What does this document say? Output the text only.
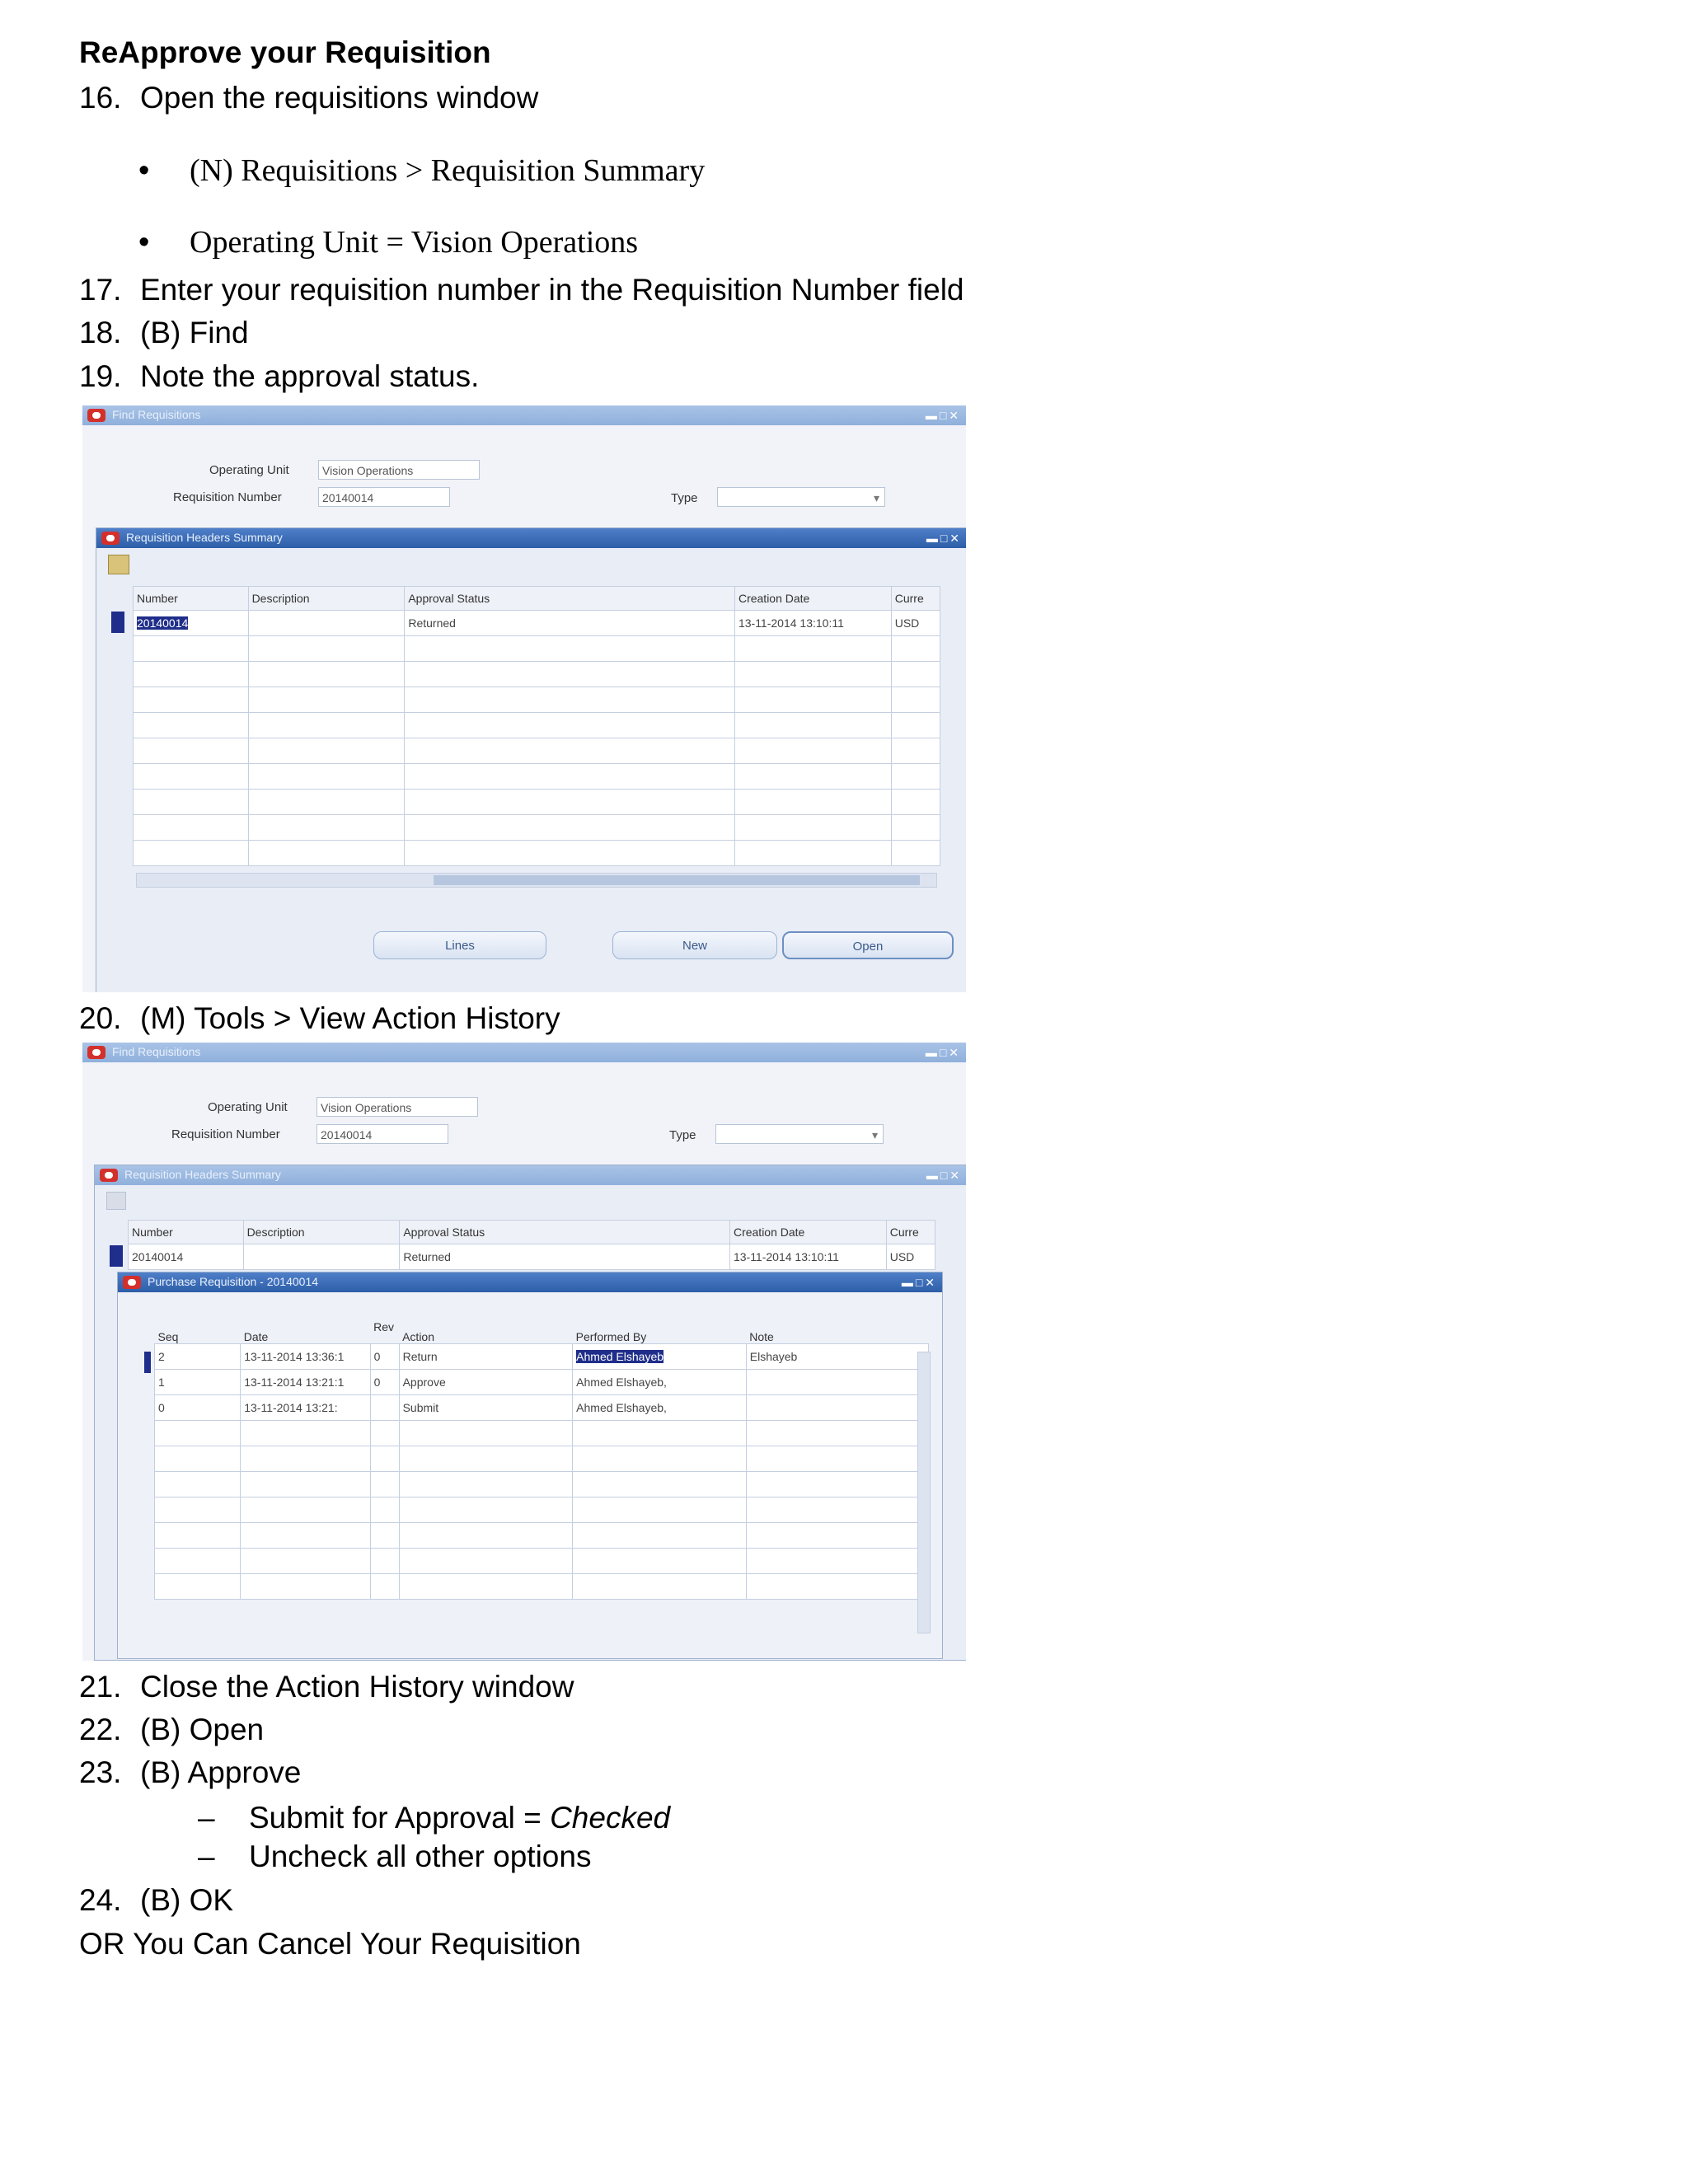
ReApprove your Requisition
16. Open the requisitions window
• (N) Requisitions > Requisition Summary
• Operating Unit = Vision Operations
17. Enter your requisition number in the Requisition Number field
18. (B) Find
19. Note the approval status.
Find Requisitions	▬□✕
Operating Unit	Vision Operations
Requisition Number	20140014	Type	▾
Requisition Headers Summary	▬□✕
Number	Description	Approval Status	Creation Date	Curre
20140014		Returned	13-11-2014 13:10:11	USD

Lines	New	Open
20. (M) Tools > View Action History
Find Requisitions	▬□✕
Operating Unit	Vision Operations
Requisition Number	20140014	Type	▾
Requisition Headers Summary	▬□✕
Number	Description	Approval Status	Creation Date	Curre
20140014		Returned	13-11-2014 13:10:11	USD
Purchase Requisition - 20140014	▬□✕
Seq	Date	Rev	Action	Performed By	Note
2	13-11-2014 13:36:1	0	Return	Ahmed Elshayeb	Elshayeb
1	13-11-2014 13:21:1	0	Approve	Ahmed Elshayeb,	
0	13-11-2014 13:21:		Submit	Ahmed Elshayeb,	

21. Close the Action History window
22. (B) Open
23. (B) Approve
– Submit for Approval = Checked
– Uncheck all other options
24. (B) OK
OR You Can Cancel Your Requisition
